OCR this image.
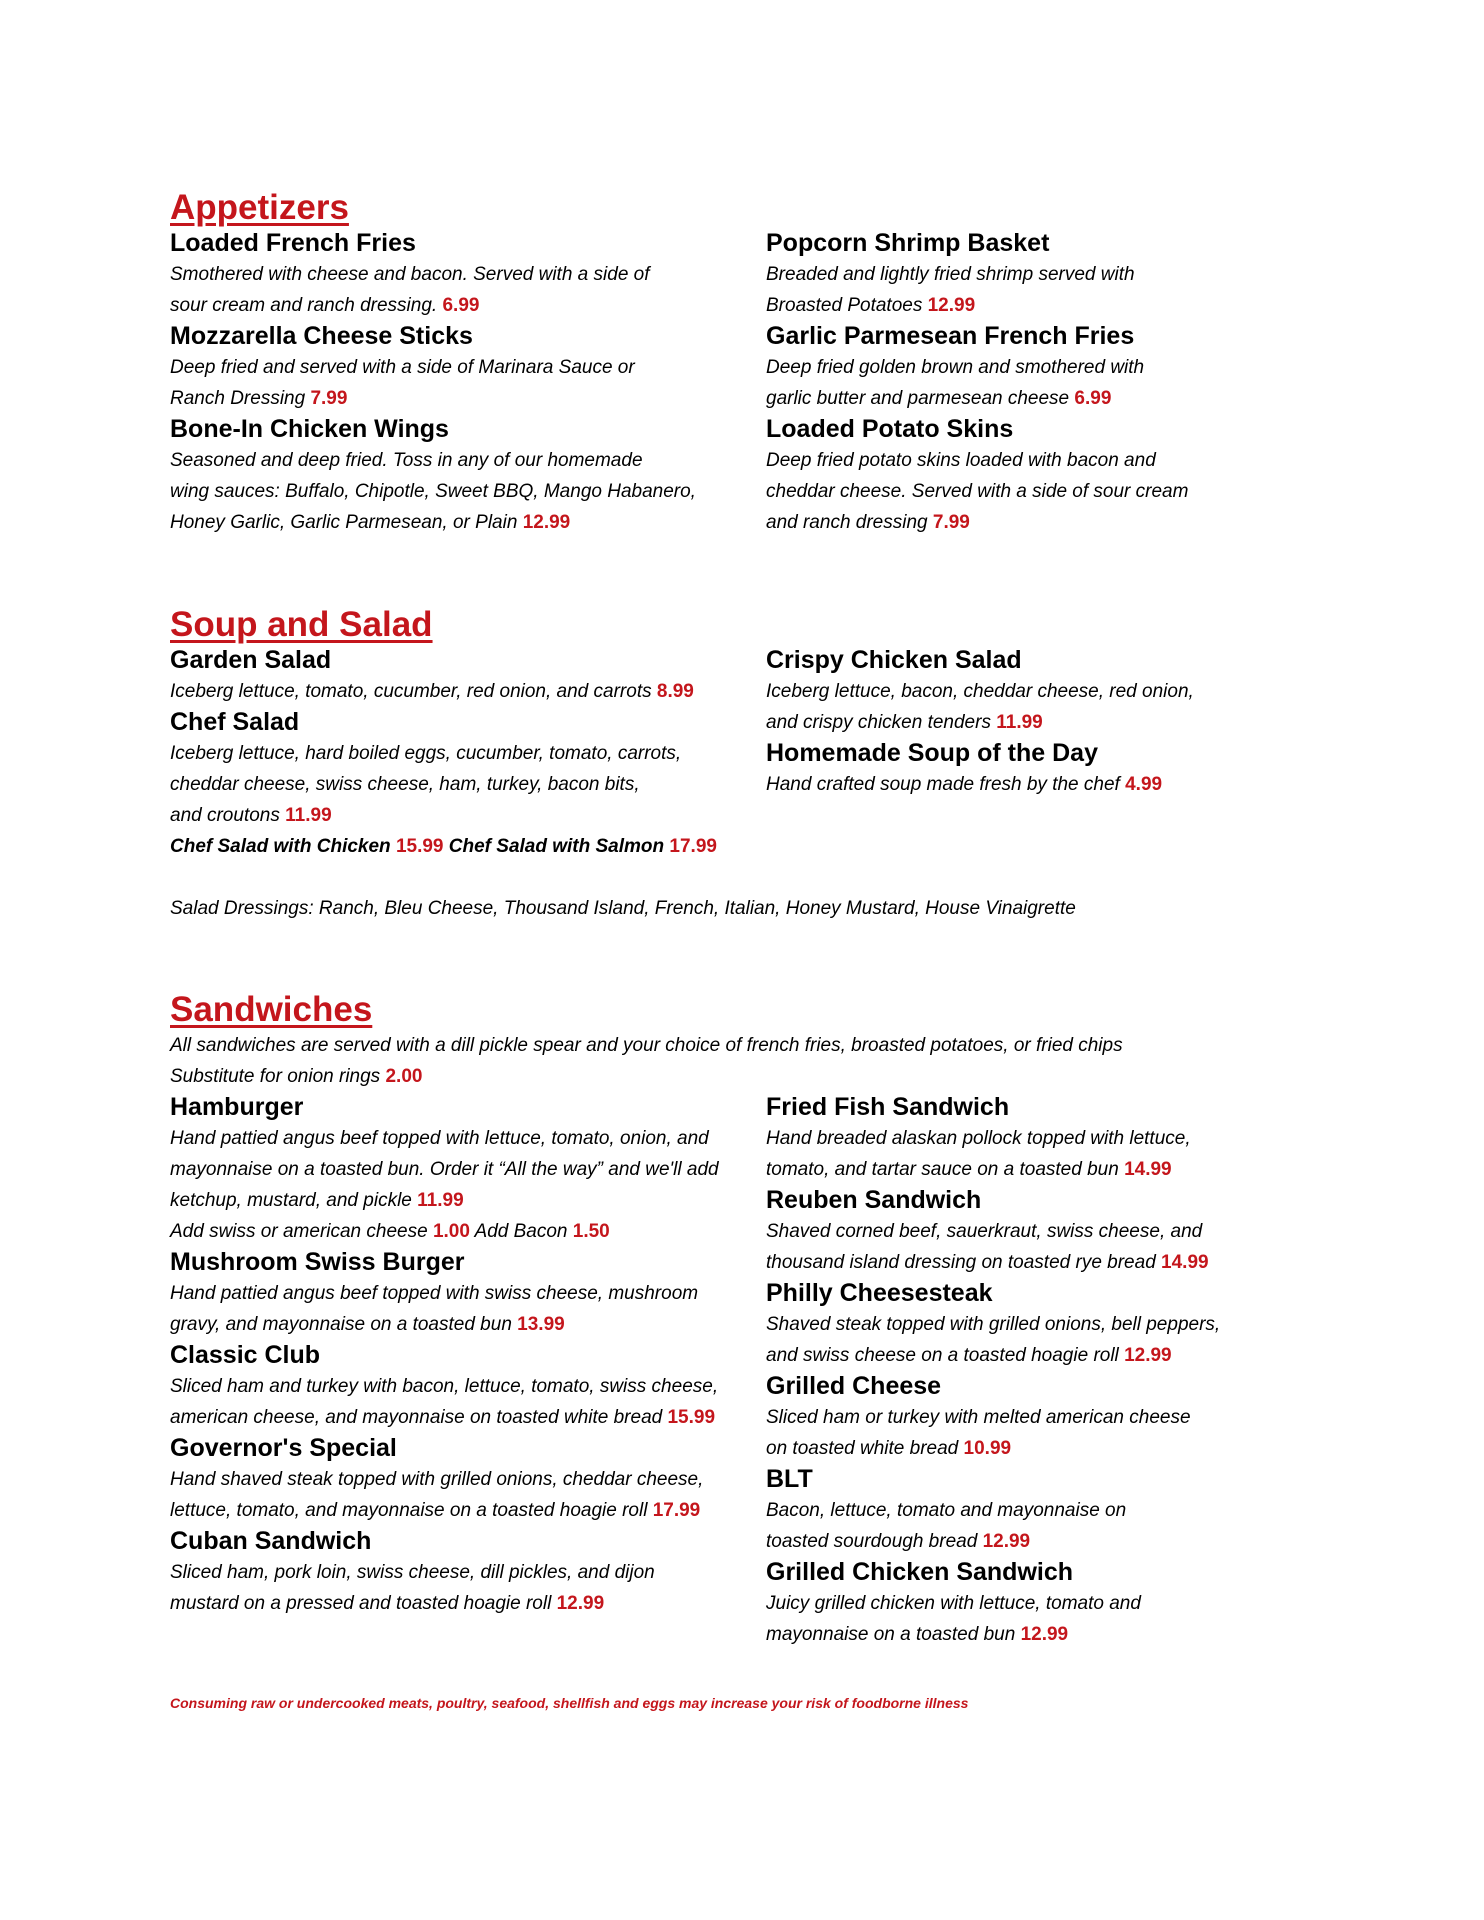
Appetizers

Loaded French Fries

Smothered with cheese and bacon. Served with a side of

sour cream and ranch dressing. 6.99

Mozzarella Cheese Sticks

Deep fried and served with a side of Marinara Sauce or

Ranch Dressing 7.99

Bone-In Chicken Wings

Seasoned and deep fried. Toss in any of our homemade

wing sauces: Buffalo, Chipotle, Sweet BBQ, Mango Habanero,

Honey Garlic, Garlic Parmesean, or Plain 12.99

Popcorn Shrimp Basket

Breaded and lightly fried shrimp served with

Broasted Potatoes 12.99

Garlic Parmesean French Fries

Deep fried golden brown and smothered with

garlic butter and parmesean cheese 6.99

Loaded Potato Skins

Deep fried potato skins loaded with bacon and

cheddar cheese. Served with a side of sour cream

and ranch dressing 7.99

Soup and Salad

Garden Salad

Iceberg lettuce, tomato, cucumber, red onion, and carrots 8.99

Chef Salad

Iceberg lettuce, hard boiled eggs, cucumber, tomato, carrots,

cheddar cheese, swiss cheese, ham, turkey, bacon bits,

and croutons 11.99

Chef Salad with Chicken 15.99 Chef Salad with Salmon 17.99

Crispy Chicken Salad

Iceberg lettuce, bacon, cheddar cheese, red onion,

and crispy chicken tenders 11.99

Homemade Soup of the Day

Hand crafted soup made fresh by the chef 4.99

Salad Dressings: Ranch, Bleu Cheese, Thousand Island, French, Italian, Honey Mustard, House Vinaigrette

Sandwiches

All sandwiches are served with a dill pickle spear and your choice of french fries, broasted potatoes, or fried chips

Substitute for onion rings 2.00

Hamburger

Hand pattied angus beef topped with lettuce, tomato, onion, and

mayonnaise on a toasted bun. Order it “All the way” and we'll add

ketchup, mustard, and pickle 11.99

Add swiss or american cheese 1.00 Add Bacon 1.50

Mushroom Swiss Burger

Hand pattied angus beef topped with swiss cheese, mushroom

gravy, and mayonnaise on a toasted bun 13.99

Classic Club

Sliced ham and turkey with bacon, lettuce, tomato, swiss cheese,

american cheese, and mayonnaise on toasted white bread 15.99

Governor's Special

Hand shaved steak topped with grilled onions, cheddar cheese,

lettuce, tomato, and mayonnaise on a toasted hoagie roll 17.99

Cuban Sandwich

Sliced ham, pork loin, swiss cheese, dill pickles, and dijon

mustard on a pressed and toasted hoagie roll 12.99

Fried Fish Sandwich

Hand breaded alaskan pollock topped with lettuce,

tomato, and tartar sauce on a toasted bun 14.99

Reuben Sandwich

Shaved corned beef, sauerkraut, swiss cheese, and

thousand island dressing on toasted rye bread 14.99

Philly Cheesesteak

Shaved steak topped with grilled onions, bell peppers,

and swiss cheese on a toasted hoagie roll 12.99

Grilled Cheese

Sliced ham or turkey with melted american cheese

on toasted white bread 10.99

BLT

Bacon, lettuce, tomato and mayonnaise on

toasted sourdough bread 12.99

Grilled Chicken Sandwich

Juicy grilled chicken with lettuce, tomato and

mayonnaise on a toasted bun 12.99

Consuming raw or undercooked meats, poultry, seafood, shellfish and eggs may increase your risk of foodborne illness
